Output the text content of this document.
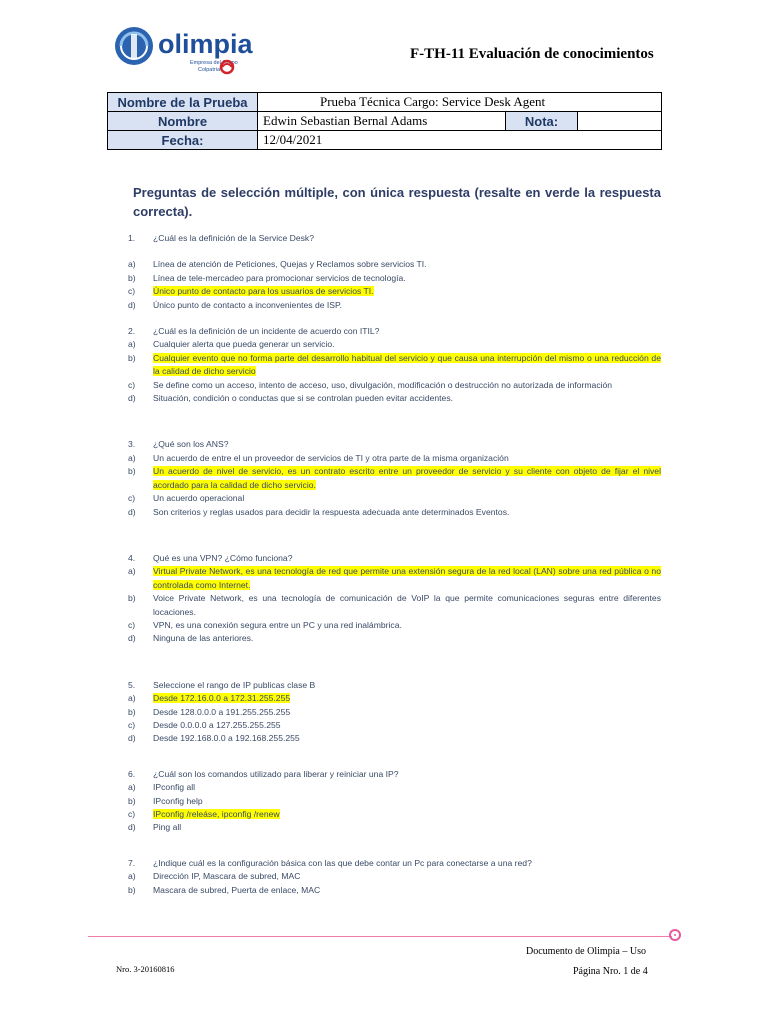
olimpia
Empresa del Grupo
Colpatria
F-TH-11 Evaluación de conocimientos
Nombre de la Prueba	Prueba Técnica Cargo: Service Desk Agent		
Nombre	Edwin Sebastian Bernal Adams	Nota:	
Fecha:	12/04/2021		
Preguntas de selección múltiple, con única respuesta (resalte en verde la respuesta correcta).
1.	¿Cuál es la definición de la Service Desk?
a)	Línea de atención de Peticiones, Quejas y Reclamos sobre servicios TI.
b)	Línea de tele-mercadeo para promocionar servicios de tecnología.
c)	Único punto de contacto para los usuarios de servicios TI.
d)	Único punto de contacto a inconvenientes de ISP.
2.	¿Cuál es la definición de un incidente de acuerdo con ITIL?
a)	Cualquier alerta que pueda generar un servicio.
b)	Cualquier evento que no forma parte del desarrollo habitual del servicio y que causa una interrupción del mismo o una reducción de la calidad de dicho servicio
c)	Se define como un acceso, intento de acceso, uso, divulgación, modificación o destrucción no autorizada de información
d)	Situación, condición o conductas que si se controlan pueden evitar accidentes.
3.	¿Qué son los ANS?
a)	Un acuerdo de entre el un proveedor de servicios de TI y otra parte de la misma organización
b)	Un acuerdo de nivel de servicio, es un contrato escrito entre un proveedor de servicio y su cliente con objeto de fijar el nivel acordado para la calidad de dicho servicio.
c)	Un acuerdo operacional
d)	Son criterios y reglas usados para decidir la respuesta adecuada ante determinados Eventos.
4.	Qué es una VPN? ¿Cómo funciona?
a)	Virtual Private Network, es una tecnología de red que permite una extensión segura de la red local (LAN) sobre una red pública o no controlada como Internet.
b)	Voice Private Network, es una tecnología de comunicación de VoIP la que permite comunicaciones seguras entre diferentes locaciones.
c)	VPN, es una conexión segura entre un PC y una red inalámbrica.
d)	Ninguna de las anteriores.
5.	Seleccione el rango de IP publicas clase B
a)	Desde 172.16.0.0 a 172.31.255.255
b)	Desde 128.0.0.0 a 191.255.255.255
c)	Desde 0.0.0.0 a 127.255.255.255
d)	Desde 192.168.0.0 a 192.168.255.255
6.	¿Cuál son los comandos utilizado para liberar y reiniciar una IP?
a)	IPconfig all
b)	IPconfig help
c)	IPconfig /releáse, ipconfig /renew
d)	Ping all
7.	¿Indique cuál es la configuración básica con las que debe contar un Pc para conectarse a una red?
a)	Dirección IP, Mascara de subred, MAC
b)	Mascara de subred, Puerta de enlace, MAC
Documento de Olimpia – Uso
Nro. 3-20160816	Página Nro. 1 de 4
